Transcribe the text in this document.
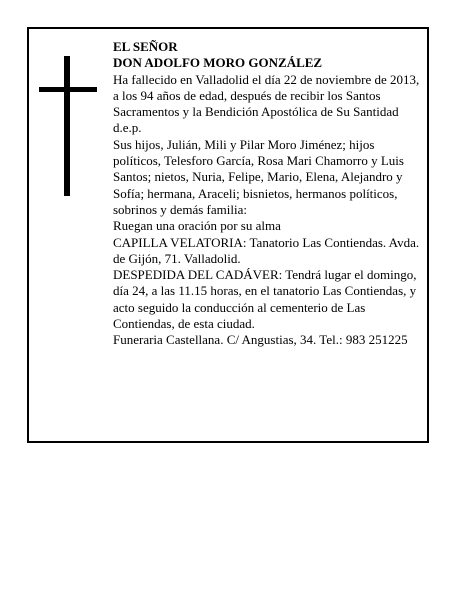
EL SEÑOR

DON ADOLFO MORO GONZÁLEZ

Ha fallecido en Valladolid el día 22 de noviembre de 2013, a los 94 años de edad, después de recibir los Santos Sacramentos y la Bendición Apostólica de Su Santidad

d.e.p.

Sus hijos, Julián, Mili y Pilar Moro Jiménez; hijos políticos, Telesforo García, Rosa Mari Chamorro y Luis Santos; nietos, Nuria, Felipe, Mario, Elena, Alejandro y Sofía; hermana, Araceli; bisnietos, hermanos políticos, sobrinos y demás familia:

Ruegan una oración por su alma

CAPILLA VELATORIA: Tanatorio Las Contiendas. Avda. de Gijón, 71. Valladolid.

DESPEDIDA DEL CADÁVER: Tendrá lugar el domingo, día 24, a las 11.15 horas, en el tanatorio Las Contiendas, y acto seguido la conducción al cementerio de Las Contiendas, de esta ciudad.

Funeraria Castellana. C/ Angustias, 34. Tel.: 983 251225
